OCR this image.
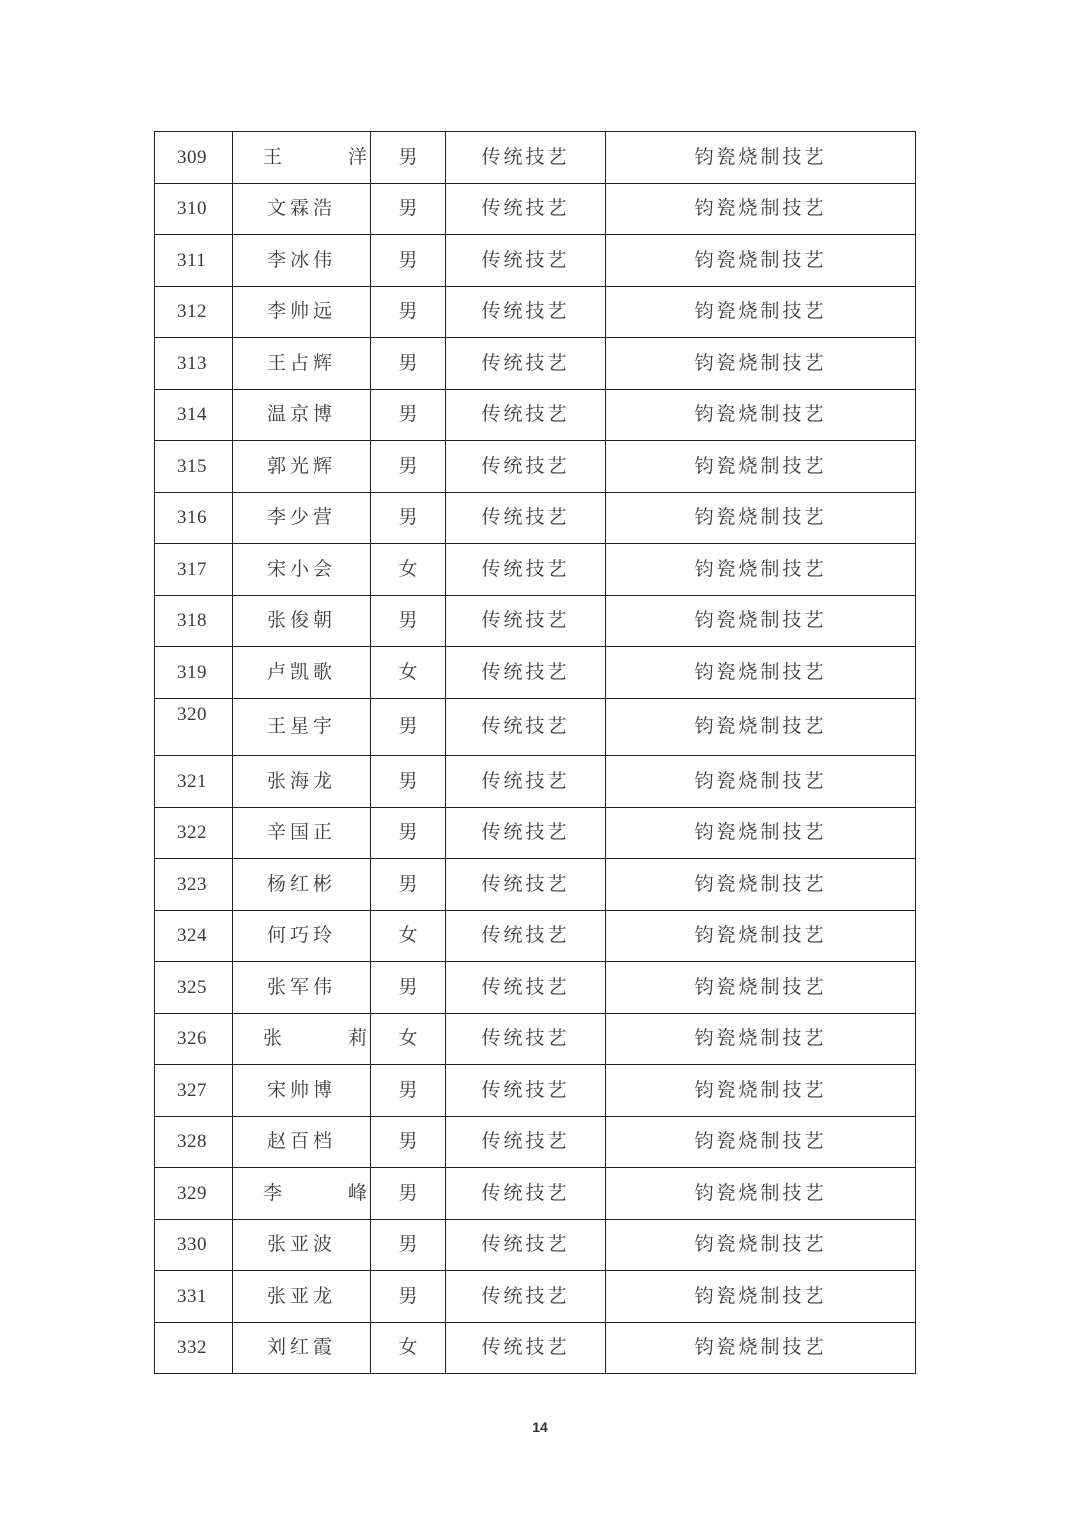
309	王 洋	男	传统技艺	钧瓷烧制技艺
310	文霖浩	男	传统技艺	钧瓷烧制技艺
311	李冰伟	男	传统技艺	钧瓷烧制技艺
312	李帅远	男	传统技艺	钧瓷烧制技艺
313	王占辉	男	传统技艺	钧瓷烧制技艺
314	温京博	男	传统技艺	钧瓷烧制技艺
315	郭光辉	男	传统技艺	钧瓷烧制技艺
316	李少营	男	传统技艺	钧瓷烧制技艺
317	宋小会	女	传统技艺	钧瓷烧制技艺
318	张俊朝	男	传统技艺	钧瓷烧制技艺
319	卢凯歌	女	传统技艺	钧瓷烧制技艺
320	王星宇	男	传统技艺	钧瓷烧制技艺
321	张海龙	男	传统技艺	钧瓷烧制技艺
322	辛国正	男	传统技艺	钧瓷烧制技艺
323	杨红彬	男	传统技艺	钧瓷烧制技艺
324	何巧玲	女	传统技艺	钧瓷烧制技艺
325	张军伟	男	传统技艺	钧瓷烧制技艺
326	张 莉	女	传统技艺	钧瓷烧制技艺
327	宋帅博	男	传统技艺	钧瓷烧制技艺
328	赵百档	男	传统技艺	钧瓷烧制技艺
329	李 峰	男	传统技艺	钧瓷烧制技艺
330	张亚波	男	传统技艺	钧瓷烧制技艺
331	张亚龙	男	传统技艺	钧瓷烧制技艺
332	刘红霞	女	传统技艺	钧瓷烧制技艺
14
